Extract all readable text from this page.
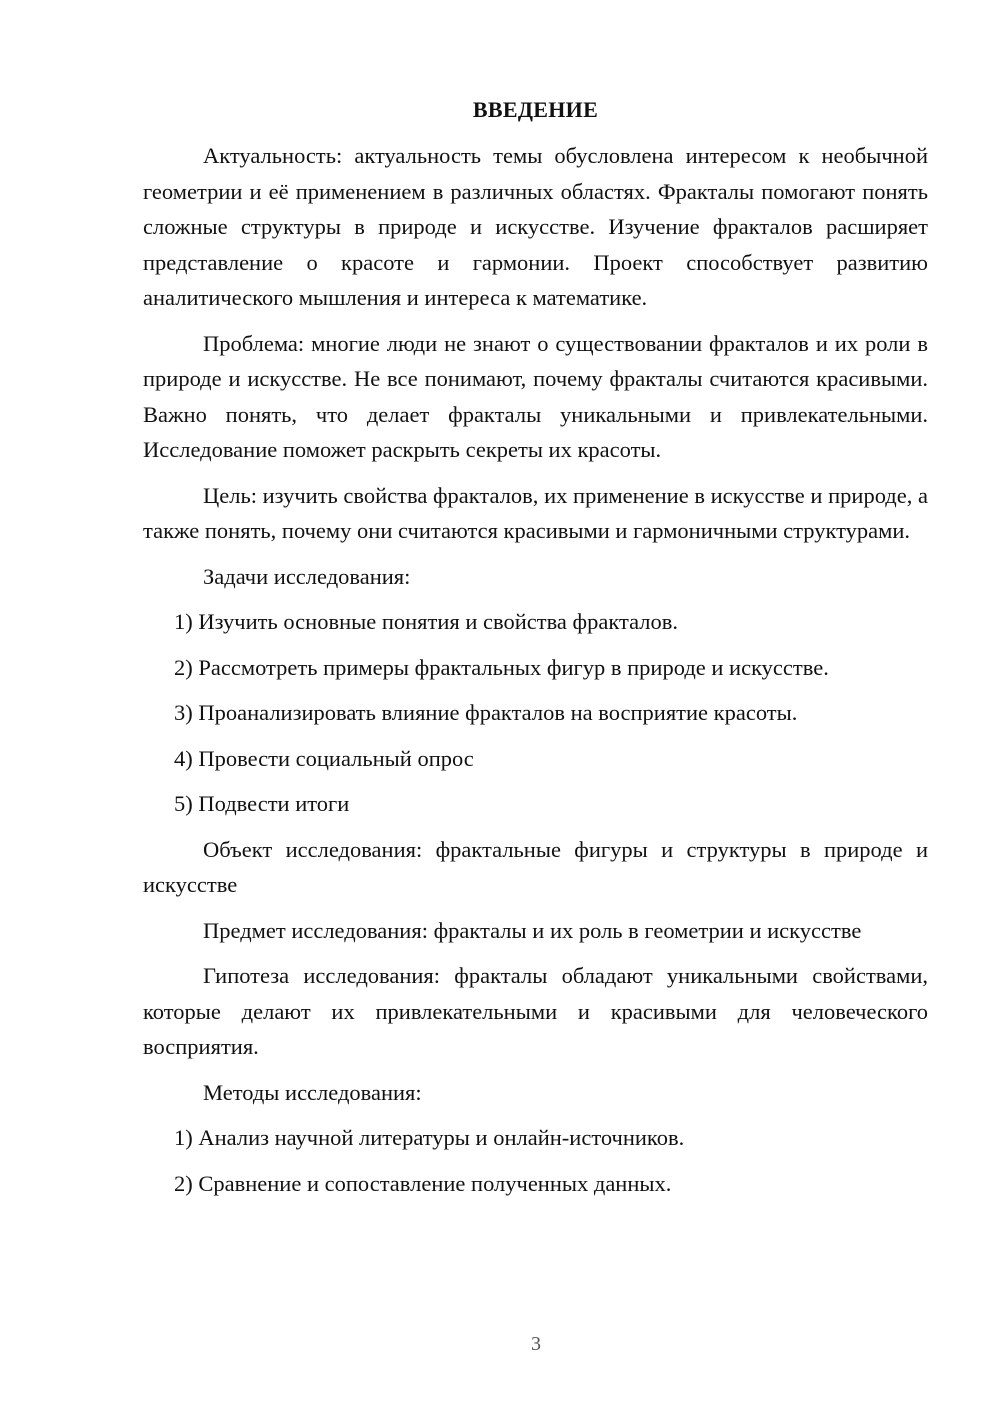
ВВЕДЕНИЕ

Актуальность: актуальность темы обусловлена интересом к необычной геометрии и её применением в различных областях. Фракталы помогают понять сложные структуры в природе и искусстве. Изучение фракталов расширяет представление о красоте и гармонии. Проект способствует развитию аналитического мышления и интереса к математике.

Проблема: многие люди не знают о существовании фракталов и их роли в природе и искусстве. Не все понимают, почему фракталы считаются красивыми. Важно понять, что делает фракталы уникальными и привлекательными. Исследование поможет раскрыть секреты их красоты.

Цель: изучить свойства фракталов, их применение в искусстве и природе, а также понять, почему они считаются красивыми и гармоничными структурами.

Задачи исследования:

1) Изучить основные понятия и свойства фракталов.

2) Рассмотреть примеры фрактальных фигур в природе и искусстве.

3) Проанализировать влияние фракталов на восприятие красоты.

4) Провести социальный опрос

5) Подвести итоги

Объект исследования: фрактальные фигуры и структуры в природе и искусстве

Предмет исследования: фракталы и их роль в геометрии и искусстве

Гипотеза исследования: фракталы обладают уникальными свойствами, которые делают их привлекательными и красивыми для человеческого восприятия.

Методы исследования:

1) Анализ научной литературы и онлайн-источников.

2) Сравнение и сопоставление полученных данных.

3
